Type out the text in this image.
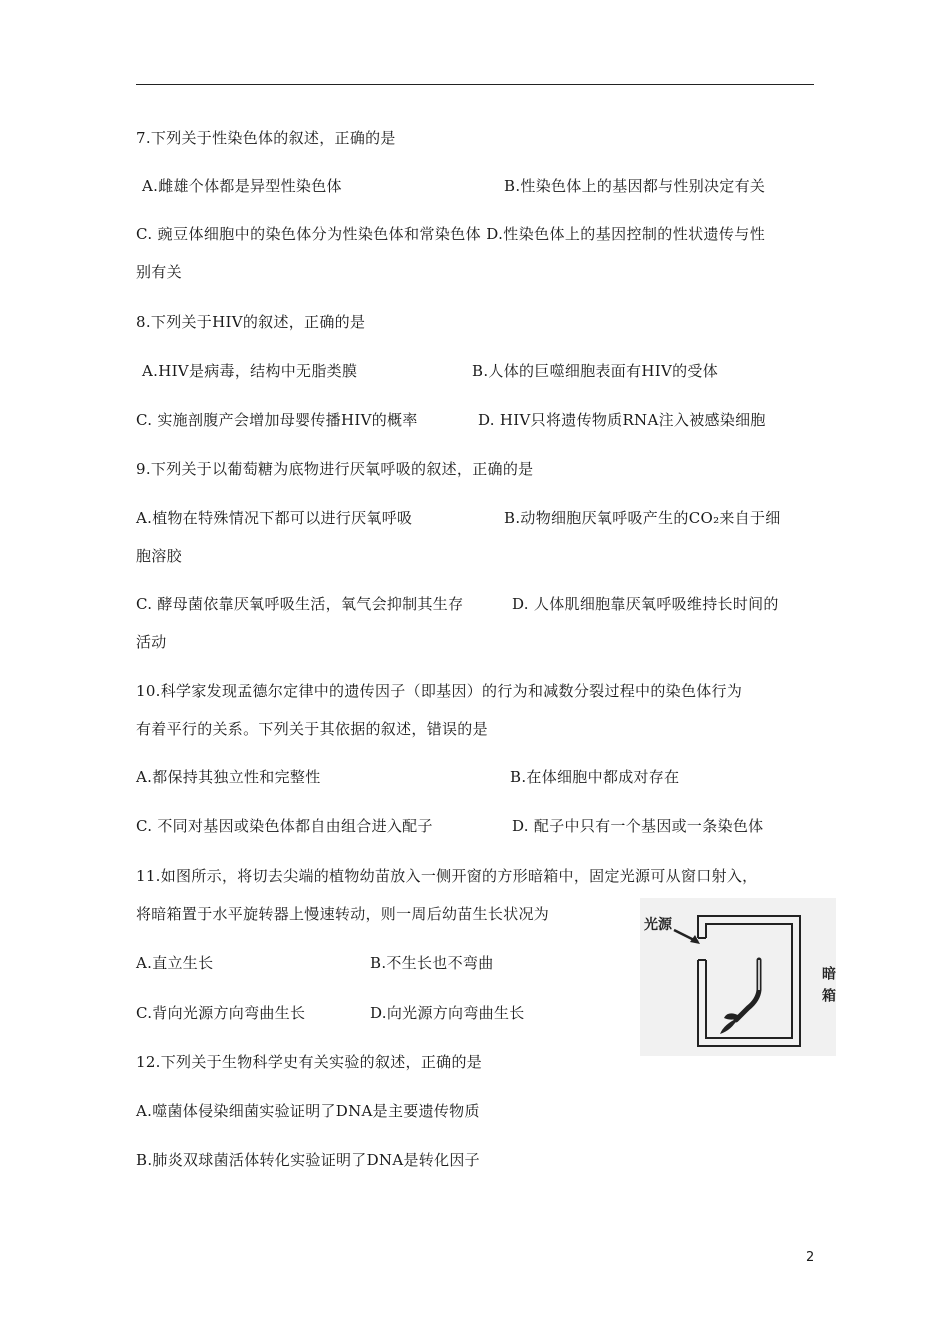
7.下列关于性染色体的叙述，正确的是
A.雌雄个体都是异型性染色体	B.性染色体上的基因都与性别决定有关
C. 豌豆体细胞中的染色体分为性染色体和常染色体 D.性染色体上的基因控制的性状遗传与性
别有关
8.下列关于HIV的叙述，正确的是
A.HIV是病毒，结构中无脂类膜	B.人体的巨噬细胞表面有HIV的受体
C. 实施剖腹产会增加母婴传播HIV的概率	D. HIV只将遗传物质RNA注入被感染细胞
9.下列关于以葡萄糖为底物进行厌氧呼吸的叙述，正确的是
A.植物在特殊情况下都可以进行厌氧呼吸	B.动物细胞厌氧呼吸产生的CO₂来自于细
胞溶胶
C. 酵母菌依靠厌氧呼吸生活，氧气会抑制其生存	D. 人体肌细胞靠厌氧呼吸维持长时间的
活动
10.科学家发现孟德尔定律中的遗传因子（即基因）的行为和减数分裂过程中的染色体行为
有着平行的关系。下列关于其依据的叙述，错误的是
A.都保持其独立性和完整性	B.在体细胞中都成对存在
C. 不同对基因或染色体都自由组合进入配子	D. 配子中只有一个基因或一条染色体
11.如图所示，将切去尖端的植物幼苗放入一侧开窗的方形暗箱中，固定光源可从窗口射入，
将暗箱置于水平旋转器上慢速转动，则一周后幼苗生长状况为
A.直立生长	B.不生长也不弯曲
C.背向光源方向弯曲生长	D.向光源方向弯曲生长
光源
暗箱
12.下列关于生物科学史有关实验的叙述，正确的是
A.噬菌体侵染细菌实验证明了DNA是主要遗传物质
B.肺炎双球菌活体转化实验证明了DNA是转化因子
2
